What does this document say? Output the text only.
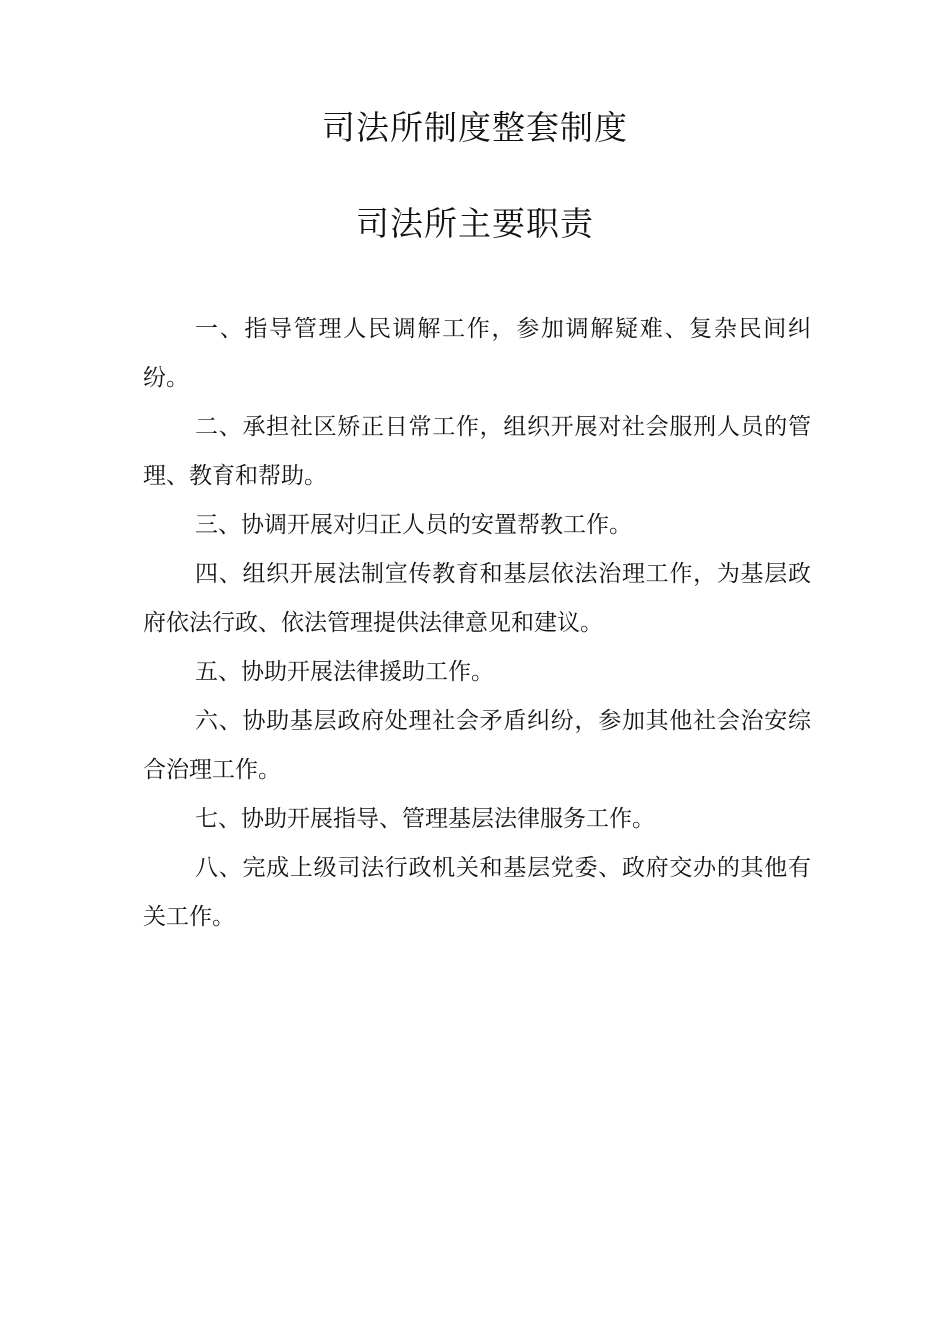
司法所制度整套制度
司法所主要职责

一、指导管理人民调解工作，参加调解疑难、复杂民间纠纷。

二、承担社区矫正日常工作，组织开展对社会服刑人员的管理、教育和帮助。

三、协调开展对归正人员的安置帮教工作。

四、组织开展法制宣传教育和基层依法治理工作，为基层政府依法行政、依法管理提供法律意见和建议。

五、协助开展法律援助工作。

六、协助基层政府处理社会矛盾纠纷，参加其他社会治安综合治理工作。

七、协助开展指导、管理基层法律服务工作。

八、完成上级司法行政机关和基层党委、政府交办的其他有关工作。
